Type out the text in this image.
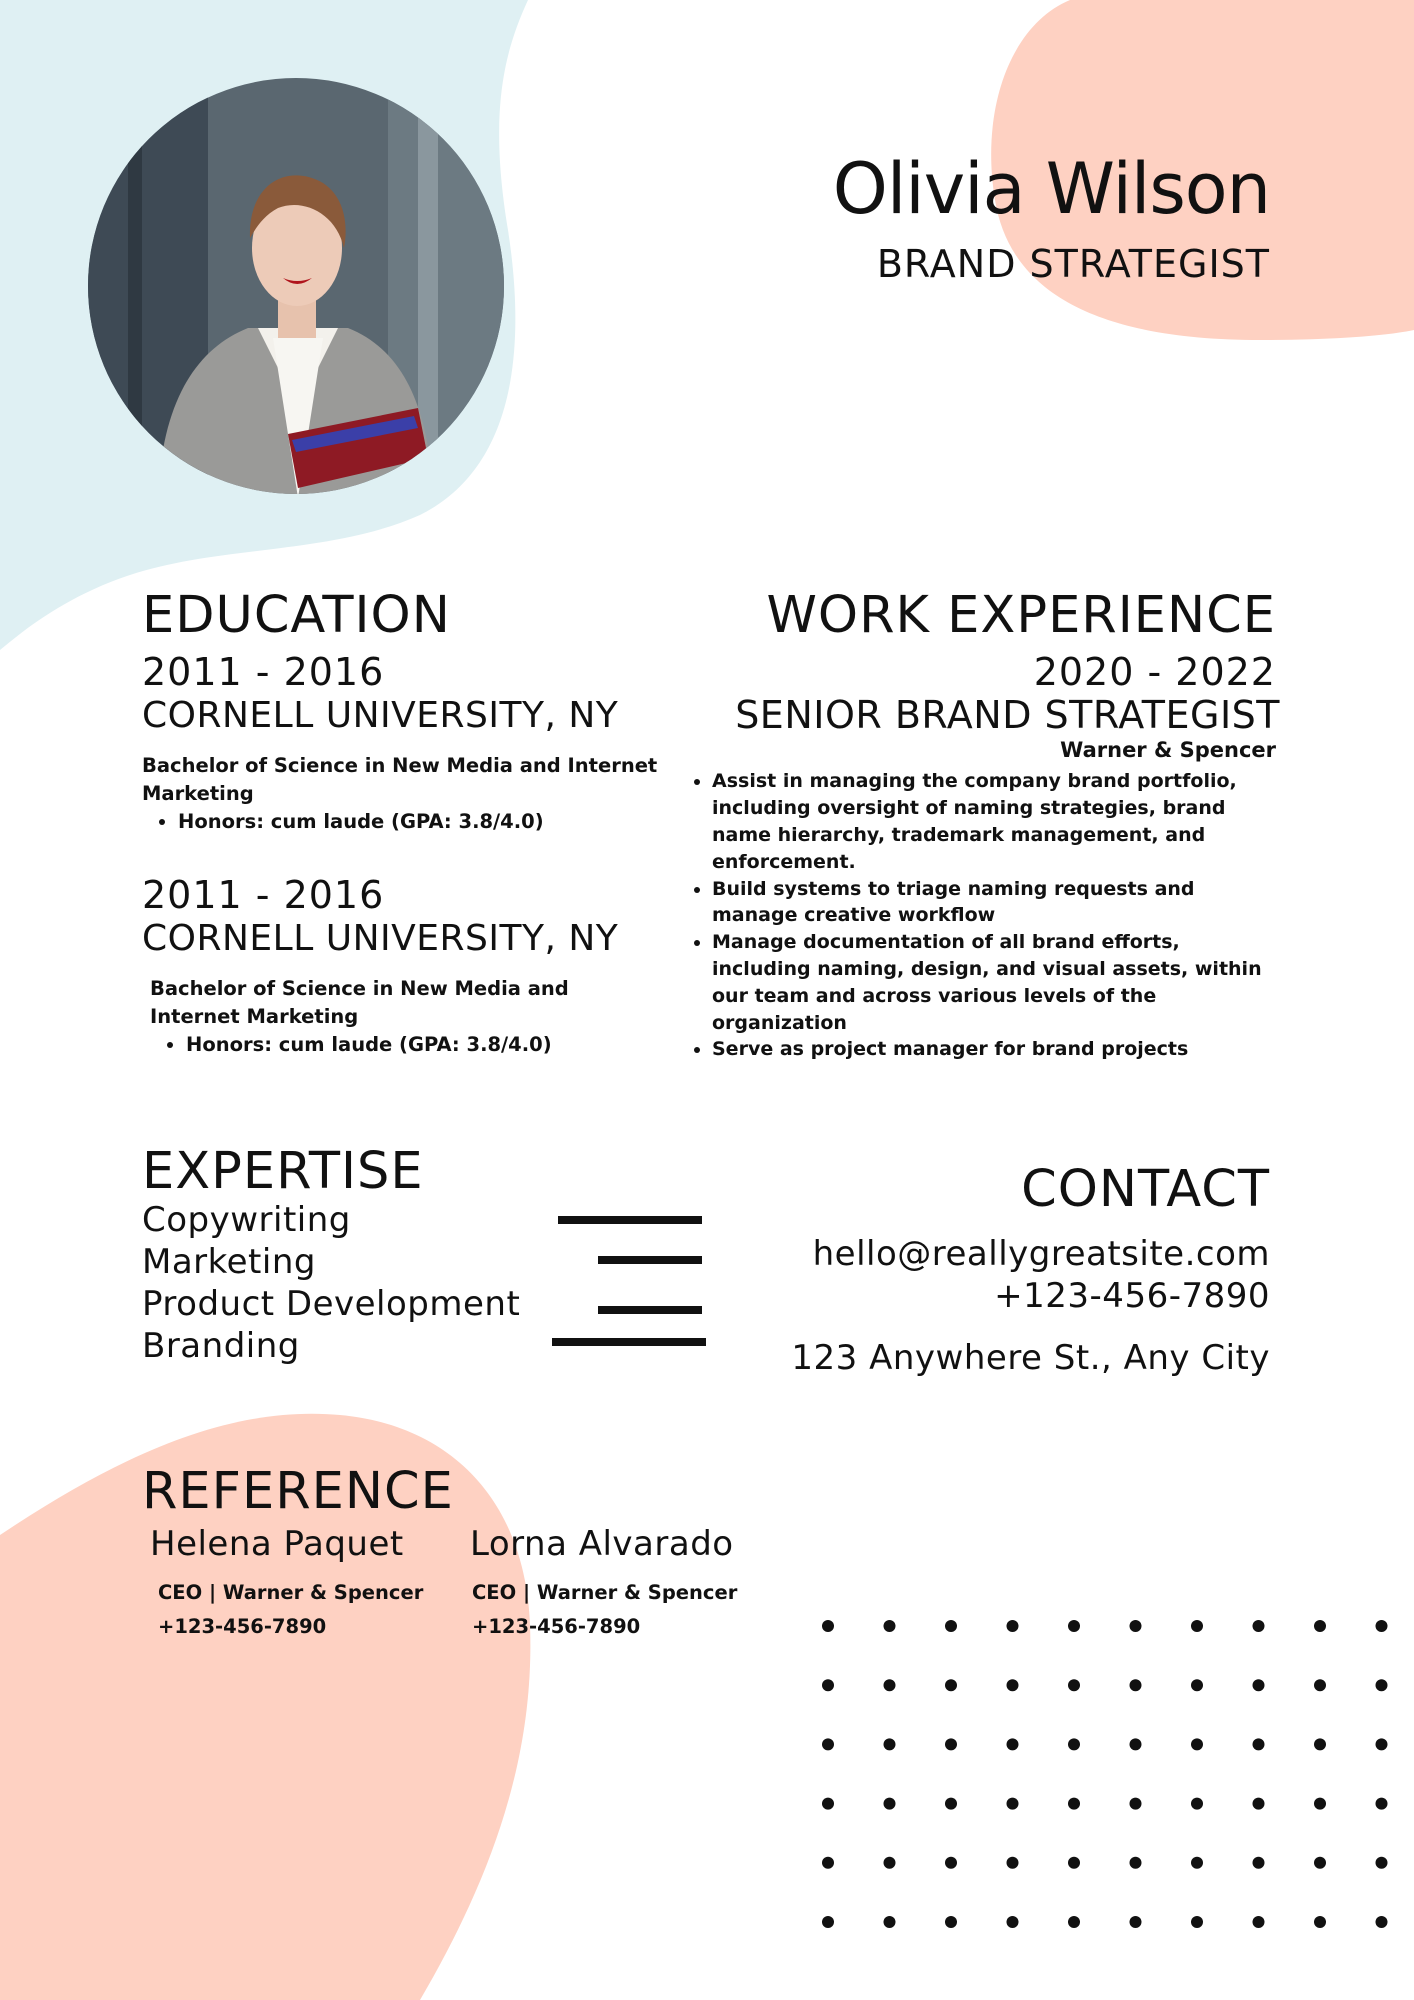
Olivia Wilson
BRAND STRATEGIST
EDUCATION
2011 - 2016
CORNELL UNIVERSITY, NY
Bachelor of Science in New Media and Internet Marketing
• Honors: cum laude (GPA: 3.8/4.0)
2011 - 2016
CORNELL UNIVERSITY, NY
Bachelor of Science in New Media and Internet Marketing
• Honors: cum laude (GPA: 3.8/4.0)
WORK EXPERIENCE
2020 - 2022
SENIOR BRAND STRATEGIST
Warner & Spencer
• Assist in managing the company brand portfolio, including oversight of naming strategies, brand name hierarchy, trademark management, and enforcement.
• Build systems to triage naming requests and manage creative workflow
• Manage documentation of all brand efforts, including naming, design, and visual assets, within our team and across various levels of the organization
• Serve as project manager for brand projects
EXPERTISE
Copywriting
Marketing
Product Development
Branding
CONTACT
hello@reallygreatsite.com
+123-456-7890
123 Anywhere St., Any City
REFERENCE
Helena Paquet
CEO | Warner & Spencer
+123-456-7890
Lorna Alvarado
CEO | Warner & Spencer
+123-456-7890
